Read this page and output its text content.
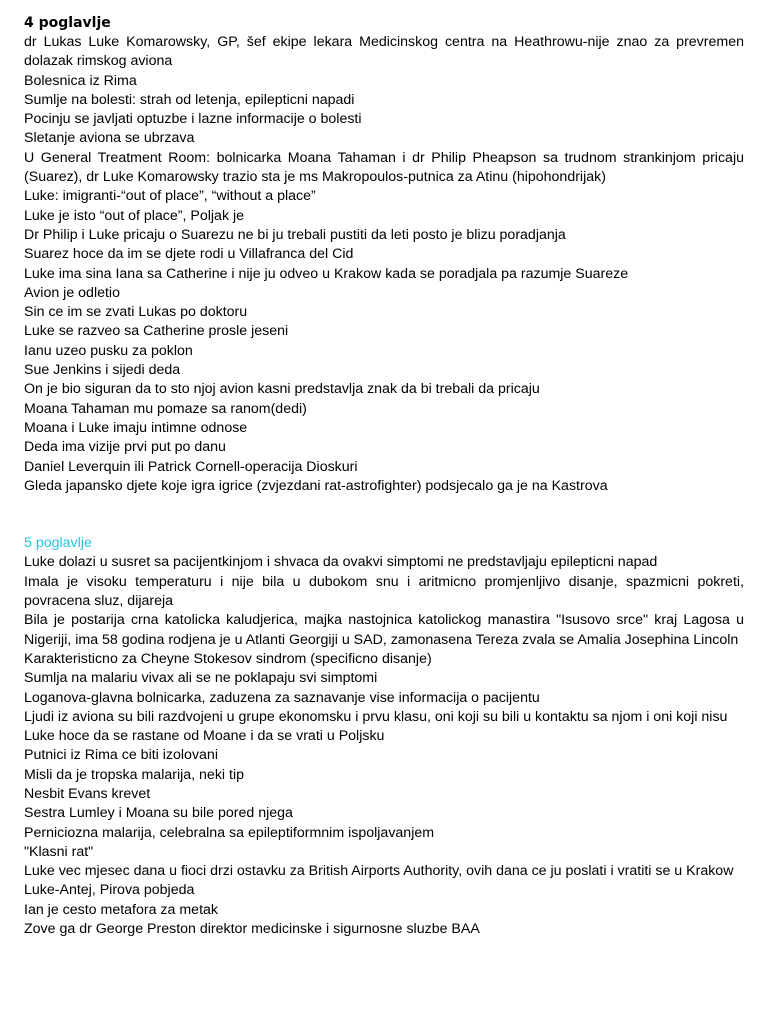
4 poglavlje
dr Lukas Luke Komarowsky, GP, šef ekipe lekara Medicinskog centra na Heathrowu-nije znao za prevremen dolazak rimskog aviona
Bolesnica iz Rima
Sumlje na bolesti: strah od letenja, epilepticni napadi
Pocinju se javljati optuzbe i lazne informacije o bolesti
Sletanje aviona se ubrzava
U General Treatment Room: bolnicarka Moana Tahaman i dr Philip Pheapson sa trudnom strankinjom pricaju (Suarez), dr Luke Komarowsky trazio sta je ms Makropoulos-putnica za Atinu (hipohondrijak)
Luke: imigranti-“out of place”, “without a place”
Luke je isto “out of place”, Poljak je
Dr Philip i Luke pricaju o Suarezu ne bi ju trebali pustiti da leti posto je blizu poradjanja
Suarez hoce da im se djete rodi u Villafranca del Cid
Luke ima sina Iana sa Catherine i nije ju odveo u Krakow kada se poradjala pa razumje Suareze
Avion je odletio
Sin ce im se zvati Lukas po doktoru
Luke se razveo sa Catherine prosle jeseni
Ianu uzeo pusku za poklon
Sue Jenkins i sijedi deda
On je bio siguran da to sto njoj avion kasni predstavlja znak da bi trebali da pricaju
Moana Tahaman mu pomaze sa ranom(dedi)
Moana i Luke imaju intimne odnose
Deda ima vizije prvi put po danu
Daniel Leverquin ili Patrick Cornell-operacija Dioskuri
Gleda japansko djete koje igra igrice (zvjezdani rat-astrofighter) podsjecalo ga je na Kastrova
5 poglavlje
Luke dolazi u susret sa pacijentkinjom i shvaca da ovakvi simptomi ne predstavljaju epilepticni napad
Imala je visoku temperaturu i nije bila u dubokom snu i aritmicno promjenljivo disanje, spazmicni pokreti, povracena sluz, dijareja
Bila je postarija crna katolicka kaludjerica, majka nastojnica katolickog manastira "Isusovo srce" kraj Lagosa u Nigeriji, ima 58 godina rodjena je u Atlanti Georgiji u SAD, zamonasena Tereza zvala se Amalia Josephina Lincoln
Karakteristicno za Cheyne Stokesov sindrom (specificno disanje)
Sumlja na malariu vivax ali se ne poklapaju svi simptomi
Loganova-glavna bolnicarka, zaduzena za saznavanje vise informacija o pacijentu
Ljudi iz aviona su bili razdvojeni u grupe ekonomsku i prvu klasu, oni koji su bili u kontaktu sa njom i oni koji nisu
Luke hoce da se rastane od Moane i da se vrati u Poljsku
Putnici iz Rima ce biti izolovani
Misli da je tropska malarija, neki tip
Nesbit Evans krevet
Sestra Lumley i Moana su bile pored njega
Perniciozna malarija, celebralna sa epileptiformnim ispoljavanjem
"Klasni rat"
Luke vec mjesec dana u fioci drzi ostavku za British Airports Authority, ovih dana ce ju poslati i vratiti se u Krakow
Luke-Antej, Pirova pobjeda
Ian je cesto metafora za metak
Zove ga dr George Preston direktor medicinske i sigurnosne sluzbe BAA
